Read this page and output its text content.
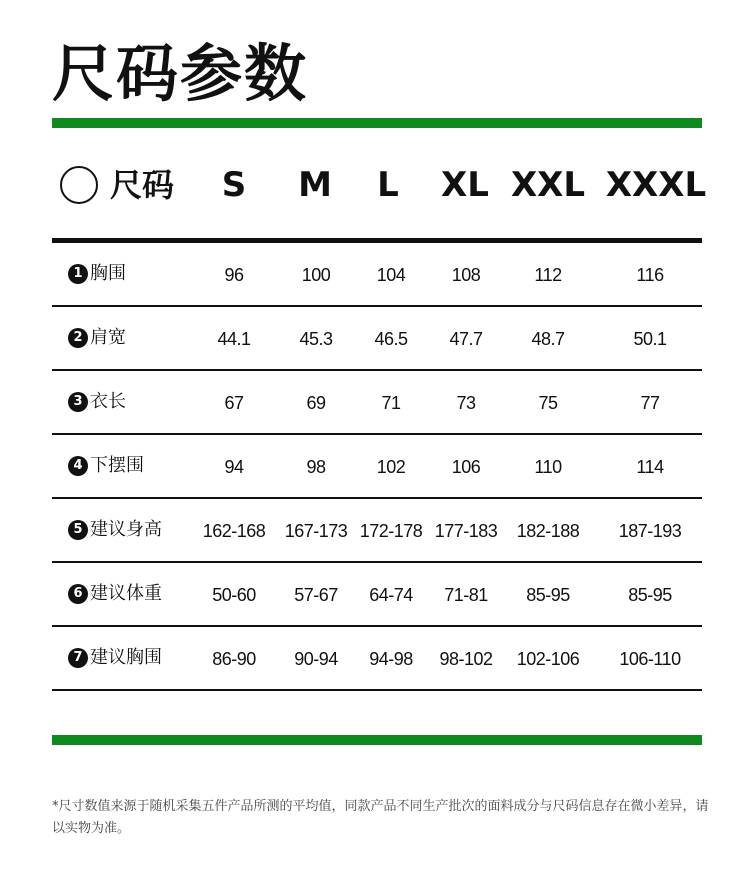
尺码参数
尺码 S M L XL XXL XXXL
1 胸围	96	100	104	108	112	116
2 肩宽	44.1	45.3 46.5 47.7	48.7	50.1
3 衣长	67	69	71	73	75	77
4 下摆围	94	98	102	106	110	114
5 建议身高 162-168 167-173 172-178 177-183 182-188 187-193
6 建议体重	50-60 57-67 64-74 71-81 85-95	85-95
7 建议胸围	86-90 90-94 94-98 98-102 102-106 106-110
*尺寸数值来源于随机采集五件产品所测的平均值，同款产品不同生产批次的面料成分与尺码信息存在微小差异，请以实物为准。
